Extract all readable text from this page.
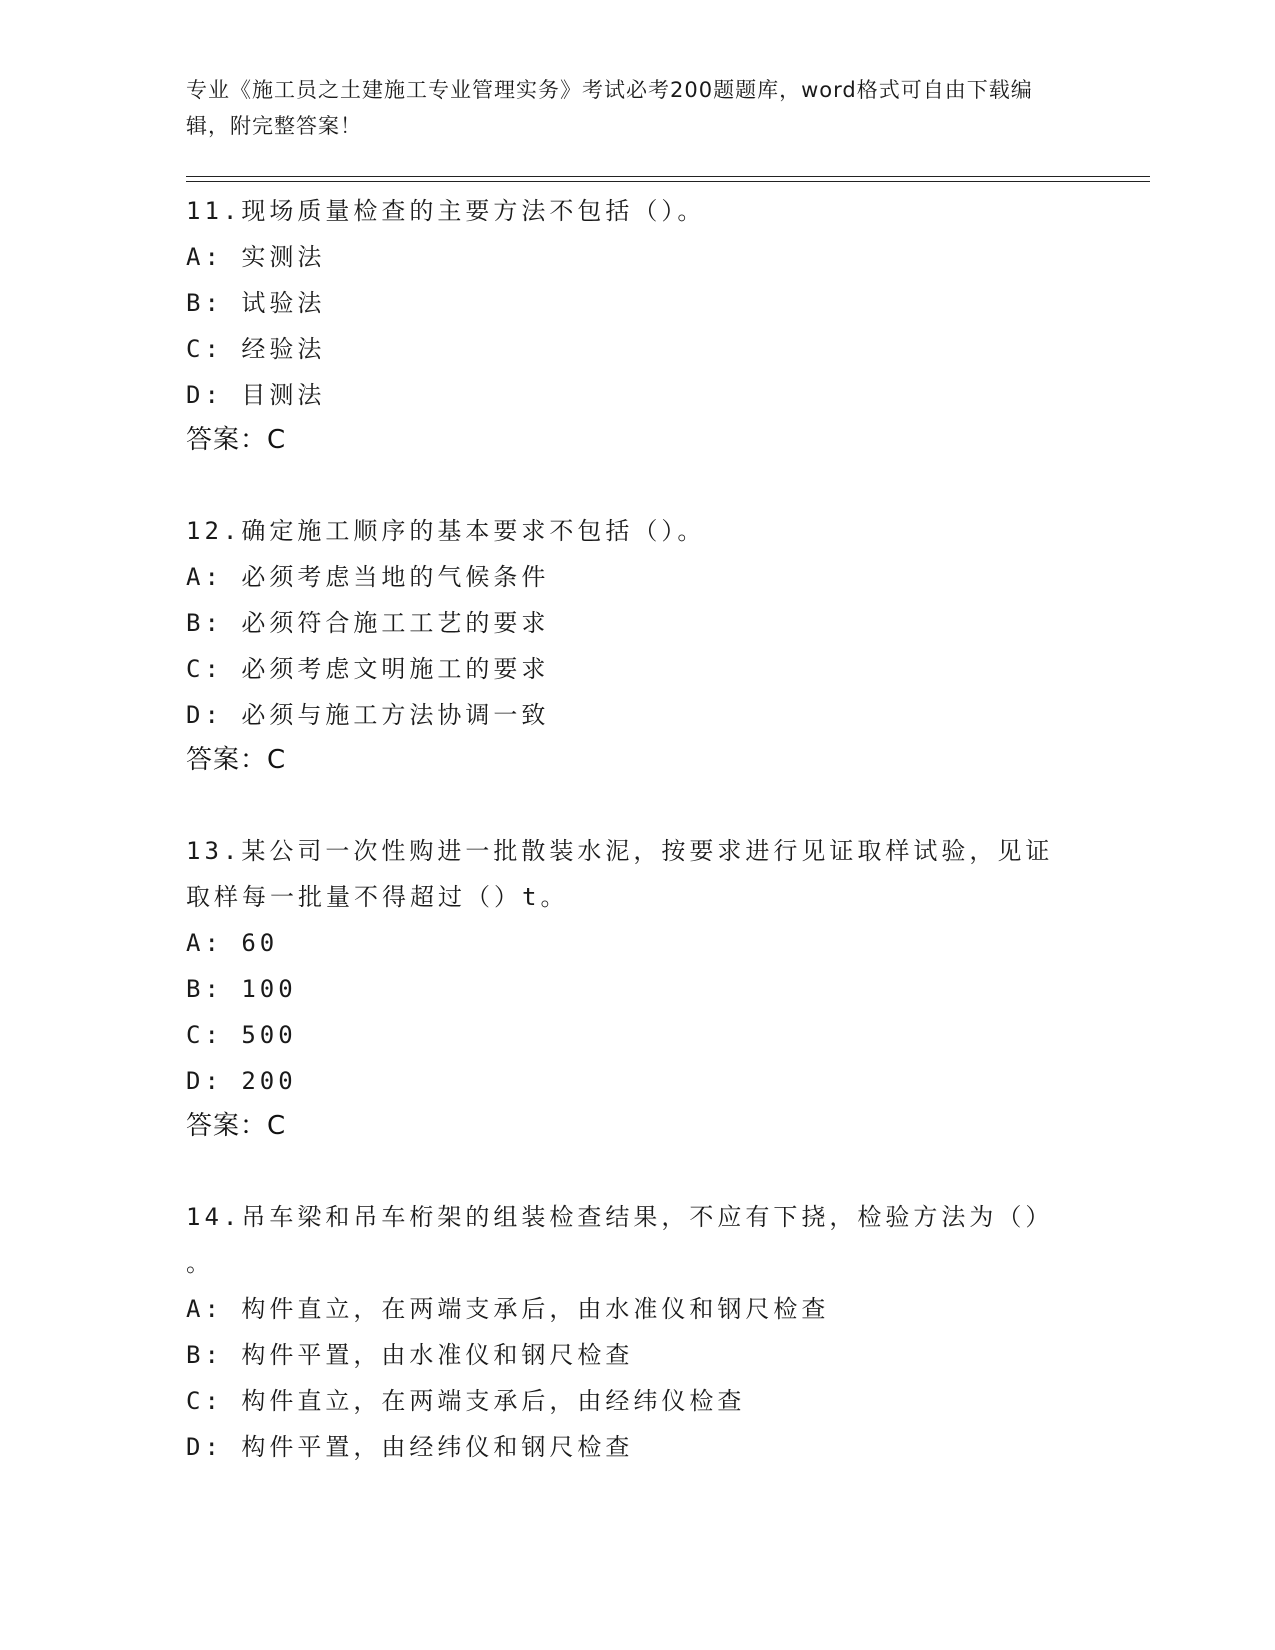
专业《施工员之土建施工专业管理实务》考试必考200题题库，word格式可自由下载编辑，附完整答案！
11.现场质量检查的主要方法不包括（）。
A: 实测法
B: 试验法
C: 经验法
D: 目测法
答案：C
12.确定施工顺序的基本要求不包括（）。
A: 必须考虑当地的气候条件
B: 必须符合施工工艺的要求
C: 必须考虑文明施工的要求
D: 必须与施工方法协调一致
答案：C
13.某公司一次性购进一批散装水泥，按要求进行见证取样试验，见证
取样每一批量不得超过（）t。
A: 60
B: 100
C: 500
D: 200
答案：C
14.吊车梁和吊车桁架的组装检查结果，不应有下挠，检验方法为（）
。
A: 构件直立，在两端支承后，由水准仪和钢尺检查
B: 构件平置，由水准仪和钢尺检查
C: 构件直立，在两端支承后，由经纬仪检查
D: 构件平置，由经纬仪和钢尺检查
